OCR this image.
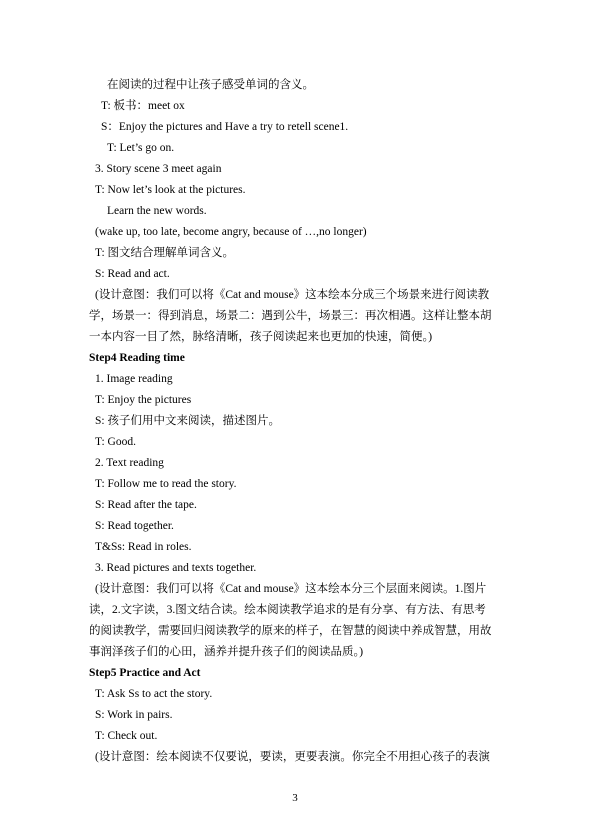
在阅读的过程中让孩子感受单词的含义。
T: 板书：meet ox
S：Enjoy the pictures and Have a try to retell scene1.
T: Let’s go on.
3. Story scene 3 meet again
T: Now let’s look at the pictures.
Learn the new words.
(wake up, too late, become angry, because of …,no longer)
T: 图文结合理解单词含义。
S: Read and act.
(设计意图：我们可以将《Cat and mouse》这本绘本分成三个场景来进行阅读教
学，场景一：得到消息，场景二：遇到公牛，场景三：再次相遇。这样让整本胡
一本内容一目了然，脉络清晰，孩子阅读起来也更加的快速，简便。)
Step4 Reading time
1. Image reading
T: Enjoy the pictures
S: 孩子们用中文来阅读，描述图片。
T: Good.
2. Text reading
T: Follow me to read the story.
S: Read after the tape.
S: Read together.
T&Ss: Read in roles.
3. Read pictures and texts together.
(设计意图：我们可以将《Cat and mouse》这本绘本分三个层面来阅读。1.图片
读，2.文字读，3.图文结合读。绘本阅读教学追求的是有分享、有方法、有思考
的阅读教学，需要回归阅读教学的原来的样子，在智慧的阅读中养成智慧，用故
事润泽孩子们的心田，涵养并提升孩子们的阅读品质。)
Step5 Practice and Act
T: Ask Ss to act the story.
S: Work in pairs.
T: Check out.
(设计意图：绘本阅读不仅要说，要读，更要表演。你完全不用担心孩子的表演
3
